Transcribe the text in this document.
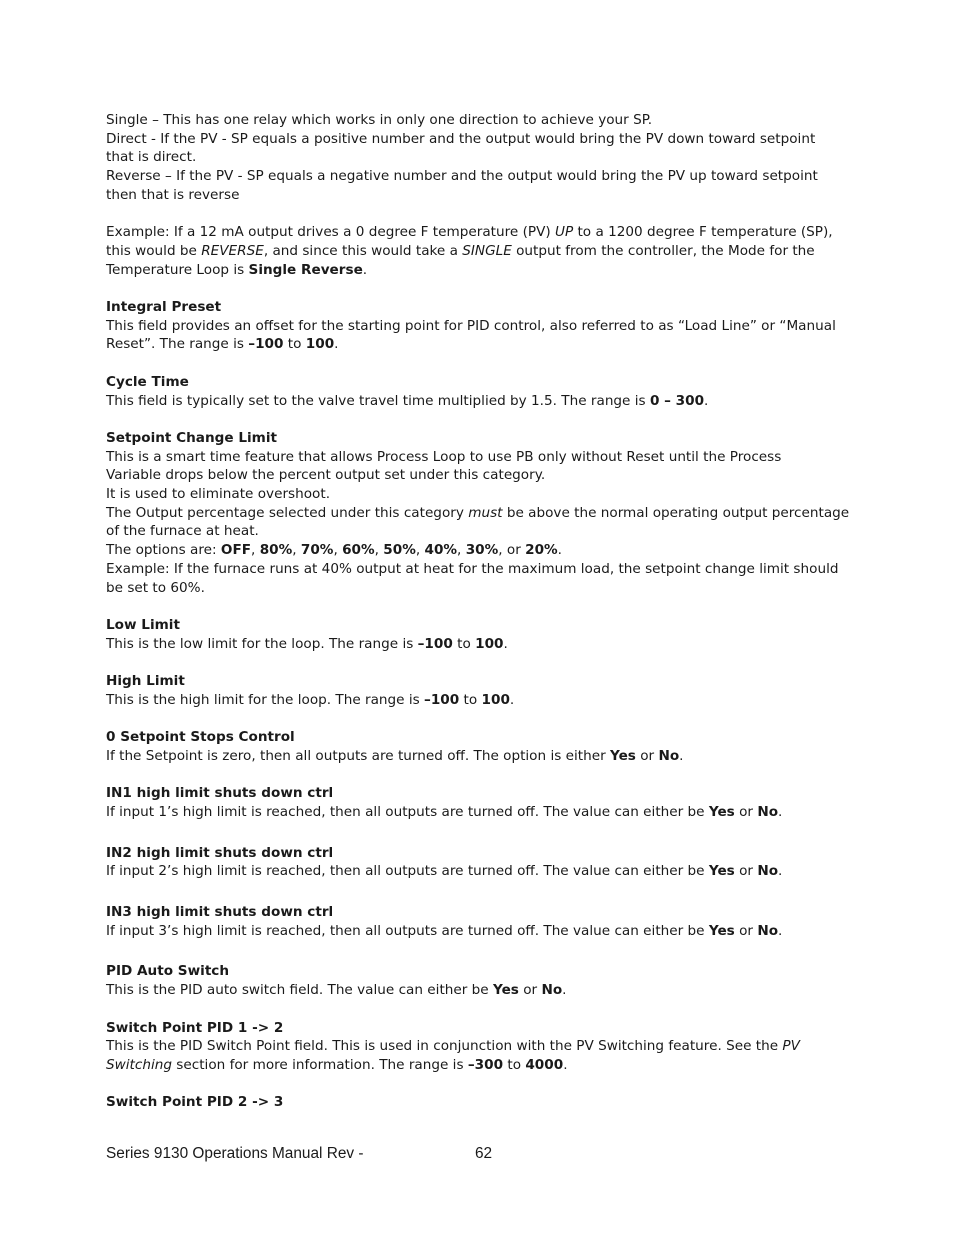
Single – This has one relay which works in only one direction to achieve your SP.
Direct - If the PV - SP equals a positive number and the output would bring the PV down toward setpoint
that is direct.
Reverse – If the PV - SP equals a negative number and the output would bring the PV up toward setpoint
then that is reverse
Example: If a 12 mA output drives a 0 degree F temperature (PV) UP to a 1200 degree F temperature (SP),
this would be REVERSE, and since this would take a SINGLE output from the controller, the Mode for the
Temperature Loop is Single Reverse.
Integral Preset
This field provides an offset for the starting point for PID control, also referred to as “Load Line” or “Manual
Reset”. The range is –100 to 100.
Cycle Time
This field is typically set to the valve travel time multiplied by 1.5. The range is 0 – 300.
Setpoint Change Limit
This is a smart time feature that allows Process Loop to use PB only without Reset until the Process
Variable drops below the percent output set under this category.
It is used to eliminate overshoot.
The Output percentage selected under this category must be above the normal operating output percentage
of the furnace at heat.
The options are: OFF, 80%, 70%, 60%, 50%, 40%, 30%, or 20%.
Example: If the furnace runs at 40% output at heat for the maximum load, the setpoint change limit should
be set to 60%.
Low Limit
This is the low limit for the loop. The range is –100 to 100.
High Limit
This is the high limit for the loop. The range is –100 to 100.
0 Setpoint Stops Control
If the Setpoint is zero, then all outputs are turned off. The option is either Yes or No.
IN1 high limit shuts down ctrl
If input 1’s high limit is reached, then all outputs are turned off. The value can either be Yes or No.
IN2 high limit shuts down ctrl
If input 2’s high limit is reached, then all outputs are turned off. The value can either be Yes or No.
IN3 high limit shuts down ctrl
If input 3’s high limit is reached, then all outputs are turned off. The value can either be Yes or No.
PID Auto Switch
This is the PID auto switch field. The value can either be Yes or No.
Switch Point PID 1 -> 2
This is the PID Switch Point field. This is used in conjunction with the PV Switching feature. See the PV
Switching section for more information. The range is –300 to 4000.
Switch Point PID 2 -> 3
Series 9130 Operations Manual Rev -	62
